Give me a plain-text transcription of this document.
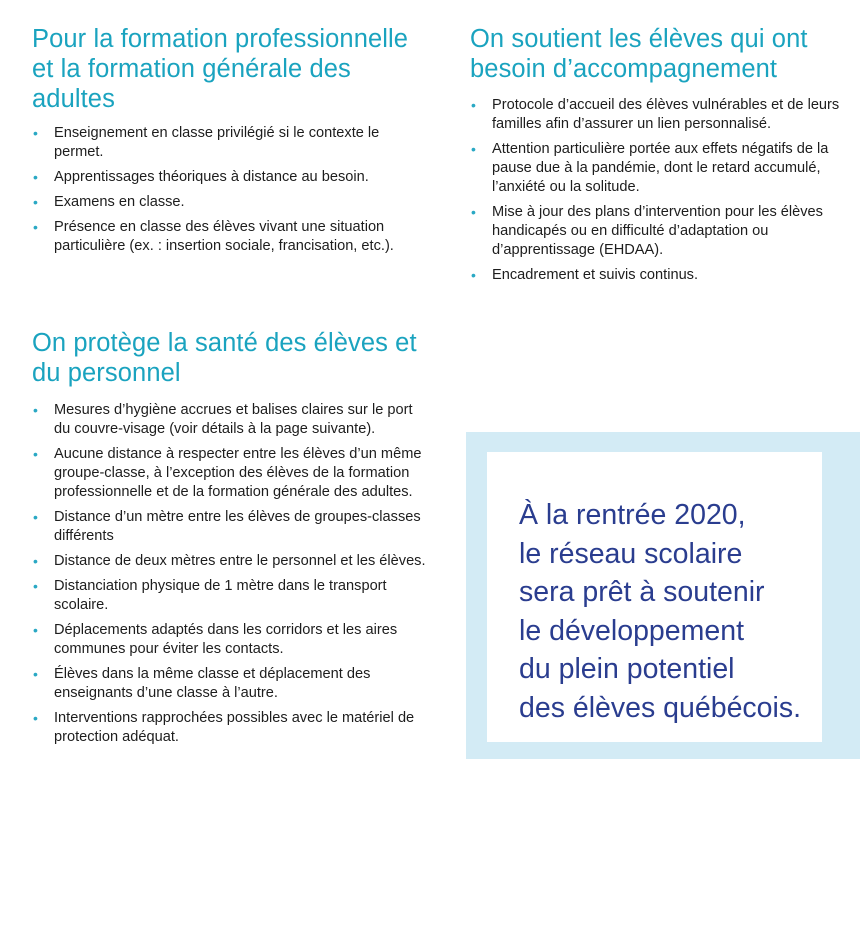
Pour la formation professionnelle et la formation générale des adultes
• Enseignement en classe privilégié si le contexte le permet.
• Apprentissages théoriques à distance au besoin.
• Examens en classe.
• Présence en classe des élèves vivant une situation particulière (ex. : insertion sociale, francisation, etc.).
On protège la santé des élèves et du personnel
• Mesures d’hygiène accrues et balises claires sur le port du couvre-visage (voir détails à la page suivante).
• Aucune distance à respecter entre les élèves d’un même groupe-classe, à l’exception des élèves de la formation professionnelle et de la formation générale des adultes.
• Distance d’un mètre entre les élèves de groupes-classes différents
• Distance de deux mètres entre le personnel et les élèves.
• Distanciation physique de 1 mètre dans le transport scolaire.
• Déplacements adaptés dans les corridors et les aires communes pour éviter les contacts.
• Élèves dans la même classe et déplacement des enseignants d’une classe à l’autre.
• Interventions rapprochées possibles avec le matériel de protection adéquat.
On soutient les élèves qui ont besoin d’accompagnement
• Protocole d’accueil des élèves vulnérables et de leurs familles afin d’assurer un lien personnalisé.
• Attention particulière portée aux effets négatifs de la pause due à la pandémie, dont le retard accumulé, l’anxiété ou la solitude.
• Mise à jour des plans d’intervention pour les élèves handicapés ou en difficulté d’adaptation ou d’apprentissage (EHDAA).
• Encadrement et suivis continus.

À la rentrée 2020,
le réseau scolaire
sera prêt à soutenir
le développement
du plein potentiel
des élèves québécois.
